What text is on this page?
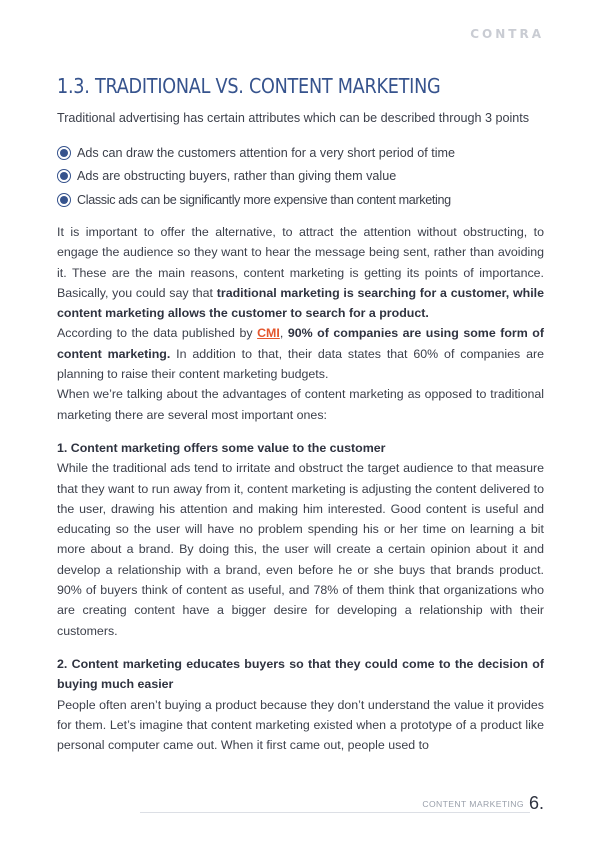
CONTRA
1.3. TRADITIONAL VS. CONTENT MARKETING

Traditional advertising has certain attributes which can be described through 3 points

Ads can draw the customers attention for a very short period of time
Ads are obstructing buyers, rather than giving them value
Classic ads can be significantly more expensive than content marketing

It is important to offer the alternative, to attract the attention without obstructing, to engage the audience so they want to hear the message being sent, rather than avoiding it. These are the main reasons, content marketing is getting its points of importance. Basically, you could say that traditional marketing is searching for a customer, while content marketing allows the customer to search for a product.

According to the data published by CMI, 90% of companies are using some form of content marketing. In addition to that, their data states that 60% of companies are planning to raise their content marketing budgets.

When we’re talking about the advantages of content marketing as opposed to traditional marketing there are several most important ones:

1. Content marketing offers some value to the customer

While the traditional ads tend to irritate and obstruct the target audience to that measure that they want to run away from it, content marketing is adjusting the content delivered to the user, drawing his attention and making him interested. Good content is useful and educating so the user will have no problem spending his or her time on learning a bit more about a brand. By doing this, the user will create a certain opinion about it and develop a relationship with a brand, even before he or she buys that brands product. 90% of buyers think of content as useful, and 78% of them think that organizations who are creating content have a bigger desire for developing a relationship with their customers.

2. Content marketing educates buyers so that they could come to the decision of buying much easier

People often aren’t buying a product because they don’t understand the value it provides for them. Let’s imagine that content marketing existed when a prototype of a product like personal computer came out. When it first came out, people used to

CONTENT MARKETING 6.
